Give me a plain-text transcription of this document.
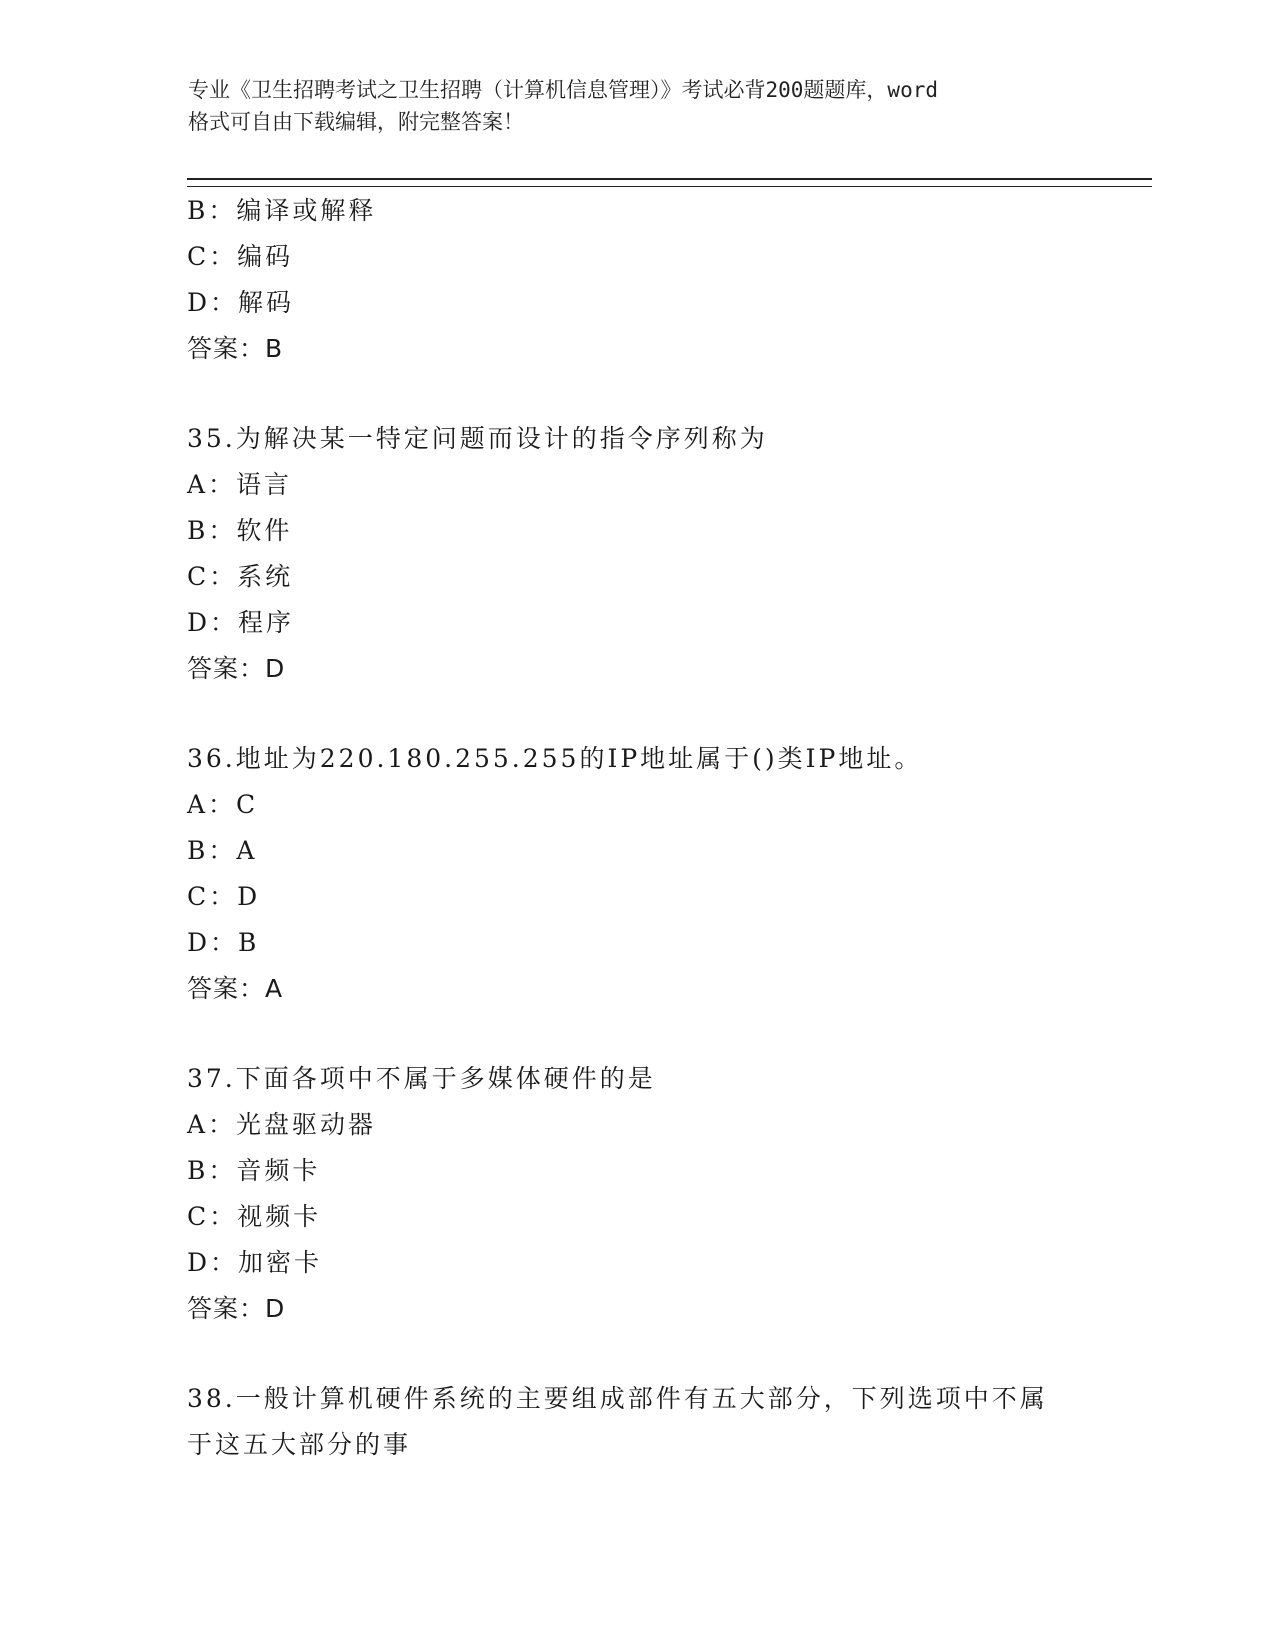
专业《卫生招聘考试之卫生招聘（计算机信息管理）》考试必背200题题库，word
格式可自由下载编辑，附完整答案！
B：编译或解释
C：编码
D：解码
答案：B
35.为解决某一特定问题而设计的指令序列称为
A：语言
B：软件
C：系统
D：程序
答案：D
36.地址为220.180.255.255的IP地址属于()类IP地址。
A：C
B：A
C：D
D：B
答案：A
37.下面各项中不属于多媒体硬件的是
A：光盘驱动器
B：音频卡
C：视频卡
D：加密卡
答案：D
38.一般计算机硬件系统的主要组成部件有五大部分，下列选项中不属
于这五大部分的事
